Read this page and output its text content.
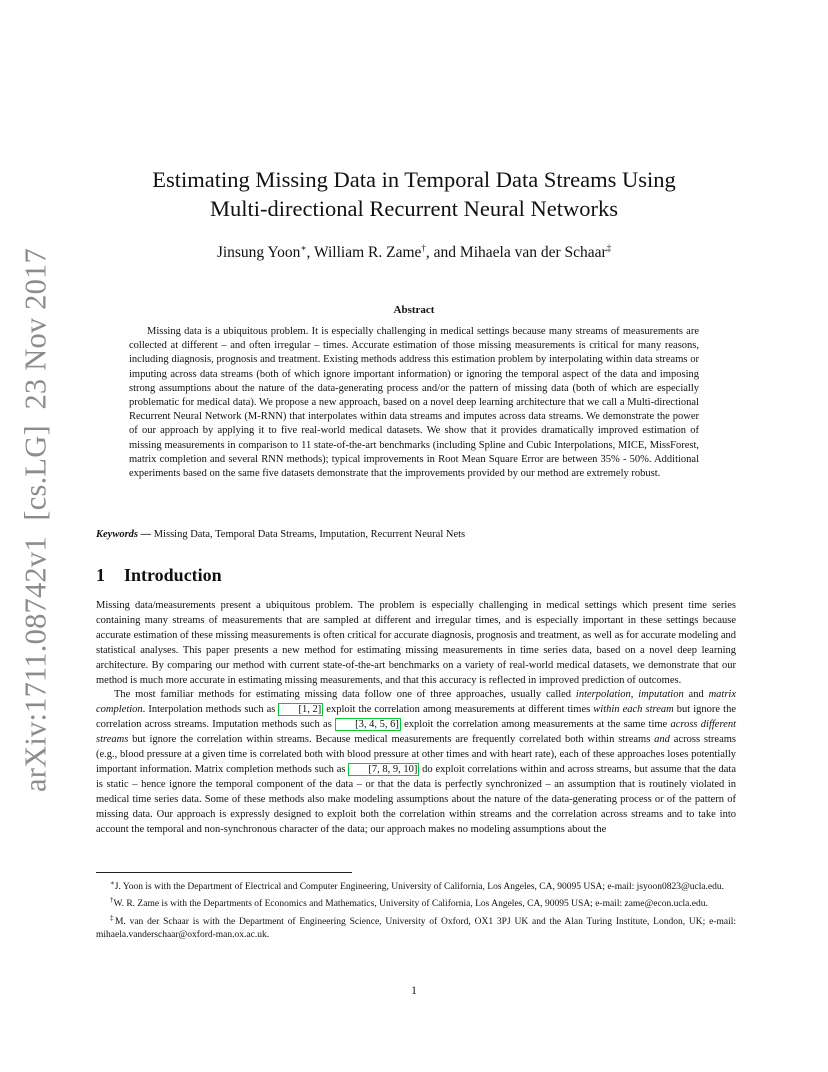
arXiv:1711.08742v1  [cs.LG]  23 Nov 2017
Estimating Missing Data in Temporal Data Streams Using
Multi-directional Recurrent Neural Networks
Jinsung Yoon∗, William R. Zame†, and Mihaela van der Schaar‡
Abstract

Missing data is a ubiquitous problem. It is especially challenging in medical settings because many streams of measurements are collected at different – and often irregular – times. Accurate estimation of those missing measurements is critical for many reasons, including diagnosis, prognosis and treatment. Existing methods address this estimation problem by interpolating within data streams or imputing across data streams (both of which ignore important information) or ignoring the temporal aspect of the data and imposing strong assumptions about the nature of the data-generating process and/or the pattern of missing data (both of which are especially problematic for medical data). We propose a new approach, based on a novel deep learning architecture that we call a Multi-directional Recurrent Neural Network (M-RNN) that interpolates within data streams and imputes across data streams. We demonstrate the power of our approach by applying it to five real-world medical datasets. We show that it provides dramatically improved estimation of missing measurements in comparison to 11 state-of-the-art benchmarks (including Spline and Cubic Interpolations, MICE, MissForest, matrix completion and several RNN methods); typical improvements in Root Mean Square Error are between 35% - 50%. Additional experiments based on the same five datasets demonstrate that the improvements provided by our method are extremely robust.

Keywords — Missing Data, Temporal Data Streams, Imputation, Recurrent Neural Nets
1 Introduction

Missing data/measurements present a ubiquitous problem. The problem is especially challenging in medical settings which present time series containing many streams of measurements that are sampled at different and irregular times, and is especially important in these settings because accurate estimation of these missing measurements is often critical for accurate diagnosis, prognosis and treatment, as well as for accurate modeling and statistical analyses. This paper presents a new method for estimating missing measurements in time series data, based on a novel deep learning architecture. By comparing our method with current state-of-the-art benchmarks on a variety of real-world medical datasets, we demonstrate that our method is much more accurate in estimating missing measurements, and that this accuracy is reflected in improved prediction of outcomes.

The most familiar methods for estimating missing data follow one of three approaches, usually called interpolation, imputation and matrix completion. Interpolation methods such as [1, 2] exploit the correlation among measurements at different times within each stream but ignore the correlation across streams. Imputation methods such as [3, 4, 5, 6] exploit the correlation among measurements at the same time across different streams but ignore the correlation within streams. Because medical measurements are frequently correlated both within streams and across streams (e.g., blood pressure at a given time is correlated both with blood pressure at other times and with heart rate), each of these approaches loses potentially important information. Matrix completion methods such as [7, 8, 9, 10] do exploit correlations within and across streams, but assume that the data is static – hence ignore the temporal component of the data – or that the data is perfectly synchronized – an assumption that is routinely violated in medical time series data. Some of these methods also make modeling assumptions about the nature of the data-generating process or of the pattern of missing data. Our approach is expressly designed to exploit both the correlation within streams and the correlation across streams and to take into account the temporal and non-synchronous character of the data; our approach makes no modeling assumptions about the

∗J. Yoon is with the Department of Electrical and Computer Engineering, University of California, Los Angeles, CA, 90095 USA; e-mail: jsyoon0823@ucla.edu.

†W. R. Zame is with the Departments of Economics and Mathematics, University of California, Los Angeles, CA, 90095 USA; e-mail: zame@econ.ucla.edu.

‡M. van der Schaar is with the Department of Engineering Science, University of Oxford, OX1 3PJ UK and the Alan Turing Institute, London, UK; e-mail: mihaela.vanderschaar@oxford-man.ox.ac.uk.

1
